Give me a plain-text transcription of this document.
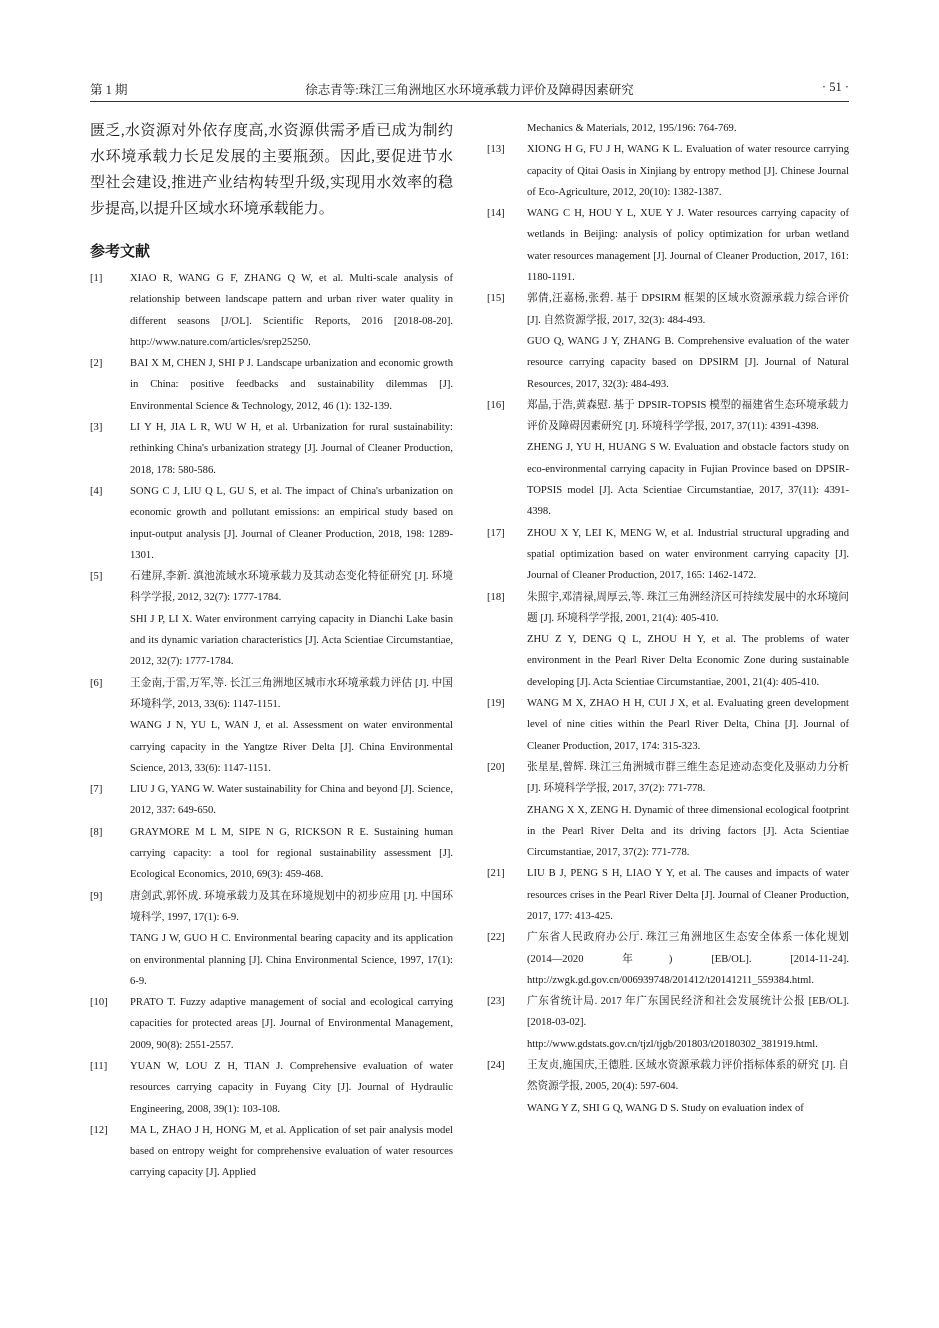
第 1 期	徐志青等:珠江三角洲地区水环境承载力评价及障碍因素研究	· 51 ·

匮乏,水资源对外依存度高,水资源供需矛盾已成为制约水环境承载力长足发展的主要瓶颈。因此,要促进节水型社会建设,推进产业结构转型升级,实现用水效率的稳步提高,以提升区域水环境承载能力。

参考文献
[1]	XIAO R, WANG G F, ZHANG Q W, et al. Multi-scale analysis of relationship between landscape pattern and urban river water quality in different seasons [J/OL]. Scientific Reports, 2016 [2018-08-20]. http://www.nature.com/articles/srep25250.
[2]	BAI X M, CHEN J, SHI P J. Landscape urbanization and economic growth in China: positive feedbacks and sustainability dilemmas [J]. Environmental Science & Technology, 2012, 46 (1): 132-139.
[3]	LI Y H, JIA L R, WU W H, et al. Urbanization for rural sustainability: rethinking China's urbanization strategy [J]. Journal of Cleaner Production, 2018, 178: 580-586.
[4]	SONG C J, LIU Q L, GU S, et al. The impact of China's urbanization on economic growth and pollutant emissions: an empirical study based on input-output analysis [J]. Journal of Cleaner Production, 2018, 198: 1289-1301.
[5]	石建屏,李新. 滇池流域水环境承载力及其动态变化特征研究 [J]. 环境科学学报, 2012, 32(7): 1777-1784.
SHI J P, LI X. Water environment carrying capacity in Dianchi Lake basin and its dynamic variation characteristics [J]. Acta Scientiae Circumstantiae, 2012, 32(7): 1777-1784.
[6]	王金南,于雷,万军,等. 长江三角洲地区城市水环境承载力评估 [J]. 中国环境科学, 2013, 33(6): 1147-1151.
WANG J N, YU L, WAN J, et al. Assessment on water environmental carrying capacity in the Yangtze River Delta [J]. China Environmental Science, 2013, 33(6): 1147-1151.
[7]	LIU J G, YANG W. Water sustainability for China and beyond [J]. Science, 2012, 337: 649-650.
[8]	GRAYMORE M L M, SIPE N G, RICKSON R E. Sustaining human carrying capacity: a tool for regional sustainability assessment [J]. Ecological Economics, 2010, 69(3): 459-468.
[9]	唐剑武,郭怀成. 环境承载力及其在环境规划中的初步应用 [J]. 中国环境科学, 1997, 17(1): 6-9.
TANG J W, GUO H C. Environmental bearing capacity and its application on environmental planning [J]. China Environmental Science, 1997, 17(1): 6-9.
[10] PRATO T. Fuzzy adaptive management of social and ecological carrying capacities for protected areas [J]. Journal of Environmental Management, 2009, 90(8): 2551-2557.
[11] YUAN W, LOU Z H, TIAN J. Comprehensive evaluation of water resources carrying capacity in Fuyang City [J]. Journal of Hydraulic Engineering, 2008, 39(1): 103-108.
[12] MA L, ZHAO J H, HONG M, et al. Application of set pair analysis model based on entropy weight for comprehensive evaluation of water resources carrying capacity [J]. Applied
Mechanics & Materials, 2012, 195/196: 764-769.
[13] XIONG H G, FU J H, WANG K L. Evaluation of water resource carrying capacity of Qitai Oasis in Xinjiang by entropy method [J]. Chinese Journal of Eco-Agriculture, 2012, 20(10): 1382-1387.
[14] WANG C H, HOU Y L, XUE Y J. Water resources carrying capacity of wetlands in Beijing: analysis of policy optimization for urban wetland water resources management [J]. Journal of Cleaner Production, 2017, 161: 1180-1191.
[15] 郭倩,汪嘉杨,张碧. 基于 DPSIRM 框架的区域水资源承载力综合评价 [J]. 自然资源学报, 2017, 32(3): 484-493.
GUO Q, WANG J Y, ZHANG B. Comprehensive evaluation of the water resource carrying capacity based on DPSIRM [J]. Journal of Natural Resources, 2017, 32(3): 484-493.
[16] 郑晶,于浩,黄森慰. 基于 DPSIR-TOPSIS 模型的福建省生态环境承载力评价及障碍因素研究 [J]. 环境科学学报, 2017, 37(11): 4391-4398.
ZHENG J, YU H, HUANG S W. Evaluation and obstacle factors study on eco-environmental carrying capacity in Fujian Province based on DPSIR-TOPSIS model [J]. Acta Scientiae Circumstantiae, 2017, 37(11): 4391-4398.
[17] ZHOU X Y, LEI K, MENG W, et al. Industrial structural upgrading and spatial optimization based on water environment carrying capacity [J]. Journal of Cleaner Production, 2017, 165: 1462-1472.
[18] 朱照宇,邓清禄,周厚云,等. 珠江三角洲经济区可持续发展中的水环境问题 [J]. 环境科学学报, 2001, 21(4): 405-410.
ZHU Z Y, DENG Q L, ZHOU H Y, et al. The problems of water environment in the Pearl River Delta Economic Zone during sustainable developing [J]. Acta Scientiae Circumstantiae, 2001, 21(4): 405-410.
[19] WANG M X, ZHAO H H, CUI J X, et al. Evaluating green development level of nine cities within the Pearl River Delta, China [J]. Journal of Cleaner Production, 2017, 174: 315-323.
[20] 张星星,曾辉. 珠江三角洲城市群三维生态足迹动态变化及驱动力分析 [J]. 环境科学学报, 2017, 37(2): 771-778.
ZHANG X X, ZENG H. Dynamic of three dimensional ecological footprint in the Pearl River Delta and its driving factors [J]. Acta Scientiae Circumstantiae, 2017, 37(2): 771-778.
[21] LIU B J, PENG S H, LIAO Y Y, et al. The causes and impacts of water resources crises in the Pearl River Delta [J]. Journal of Cleaner Production, 2017, 177: 413-425.
[22] 广东省人民政府办公厅. 珠江三角洲地区生态安全体系一体化规划(2014—2020 年) [EB/OL]. [2014-11-24]. http://zwgk.gd.gov.cn/006939748/201412/t20141211_559384.html.
[23] 广东省统计局. 2017 年广东国民经济和社会发展统计公报 [EB/OL]. [2018-03-02]. http://www.gdstats.gov.cn/tjzl/tjgb/201803/t20180302_381919.html.
[24] 王友贞,施国庆,王德胜. 区域水资源承载力评价指标体系的研究 [J]. 自然资源学报, 2005, 20(4): 597-604.
WANG Y Z, SHI G Q, WANG D S. Study on evaluation index of
